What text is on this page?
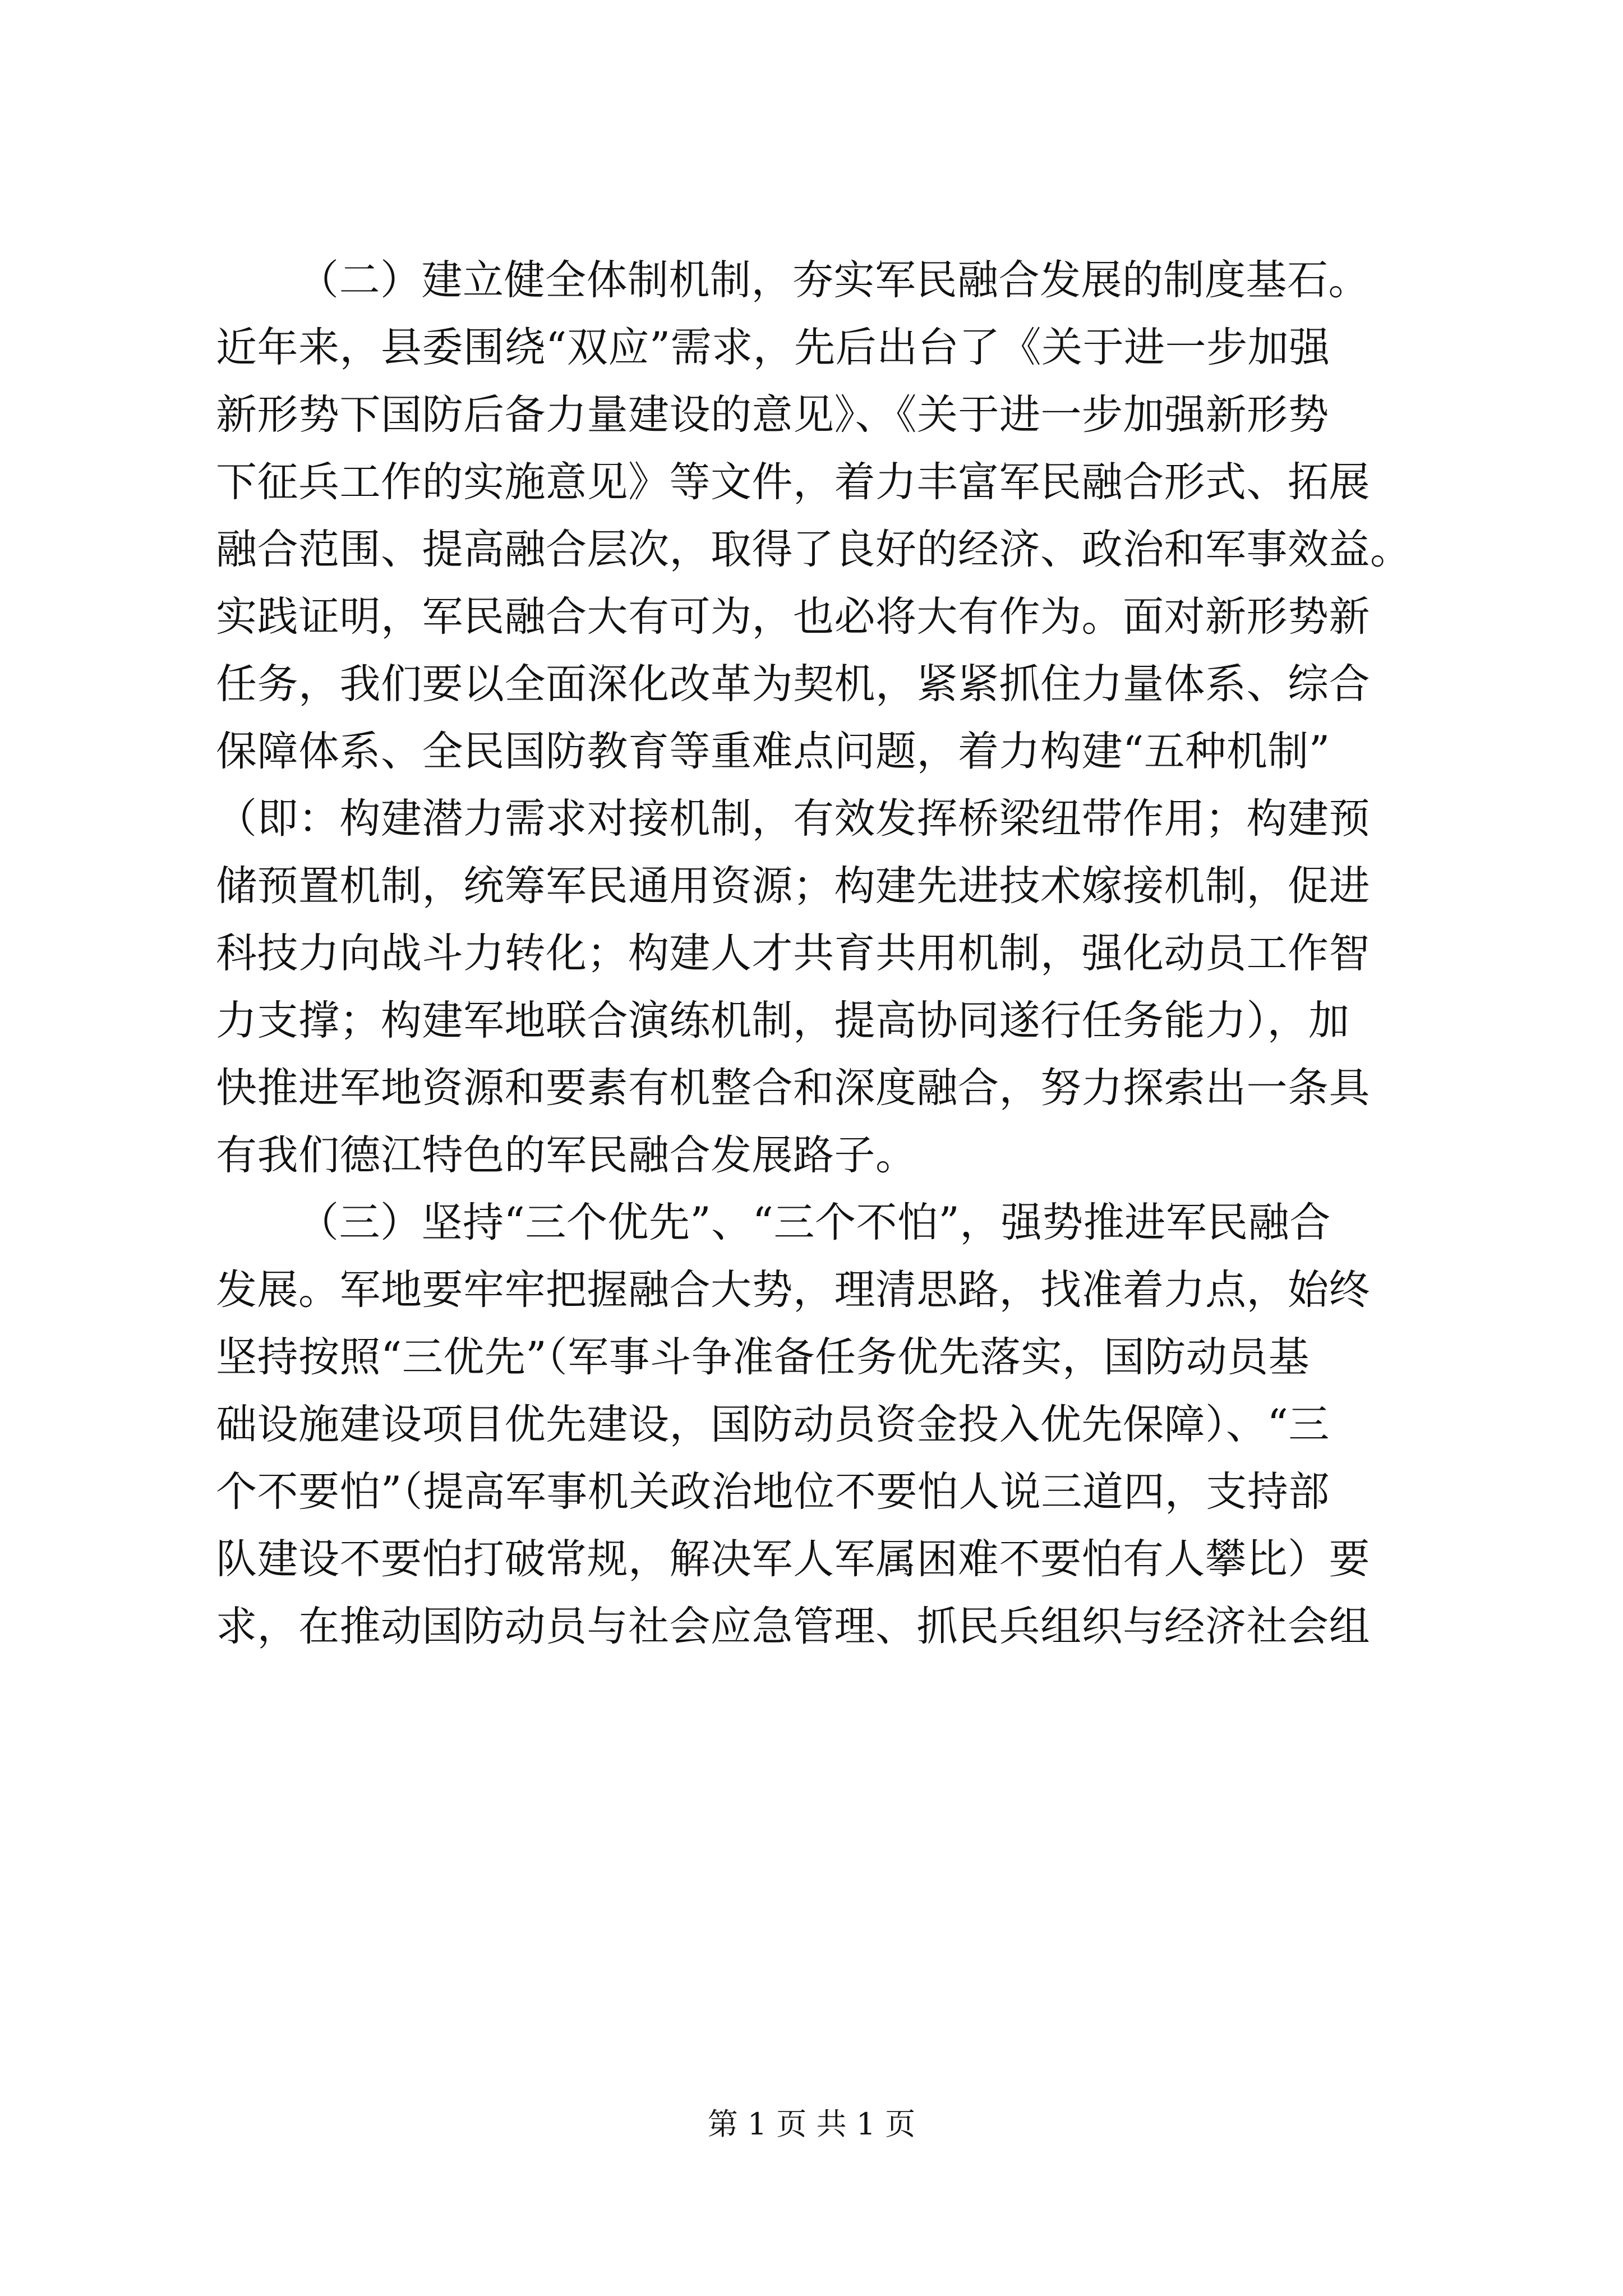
（二）建立健全体制机制，夯实军民融合发展的制度基石。
近年来，县委围绕“双应”需求，先后出台了《关于进一步加强
新形势下国防后备力量建设的意见》、《关于进一步加强新形势
下征兵工作的实施意见》等文件，着力丰富军民融合形式、拓展
融合范围、提高融合层次，取得了良好的经济、政治和军事效益。
实践证明，军民融合大有可为，也必将大有作为。面对新形势新
任务，我们要以全面深化改革为契机，紧紧抓住力量体系、综合
保障体系、全民国防教育等重难点问题，着力构建“五种机制”
（即：构建潜力需求对接机制，有效发挥桥梁纽带作用；构建预
储预置机制，统筹军民通用资源；构建先进技术嫁接机制，促进
科技力向战斗力转化；构建人才共育共用机制，强化动员工作智
力支撑；构建军地联合演练机制，提高协同遂行任务能力），加
快推进军地资源和要素有机整合和深度融合，努力探索出一条具
有我们德江特色的军民融合发展路子。
（三）坚持“三个优先”、“三个不怕”，强势推进军民融合
发展。军地要牢牢把握融合大势，理清思路，找准着力点，始终
坚持按照“三优先”（军事斗争准备任务优先落实，国防动员基
础设施建设项目优先建设，国防动员资金投入优先保障）、“三
个不要怕”（提高军事机关政治地位不要怕人说三道四，支持部
队建设不要怕打破常规，解决军人军属困难不要怕有人攀比）要
求，在推动国防动员与社会应急管理、抓民兵组织与经济社会组
第 1 页 共 1 页
